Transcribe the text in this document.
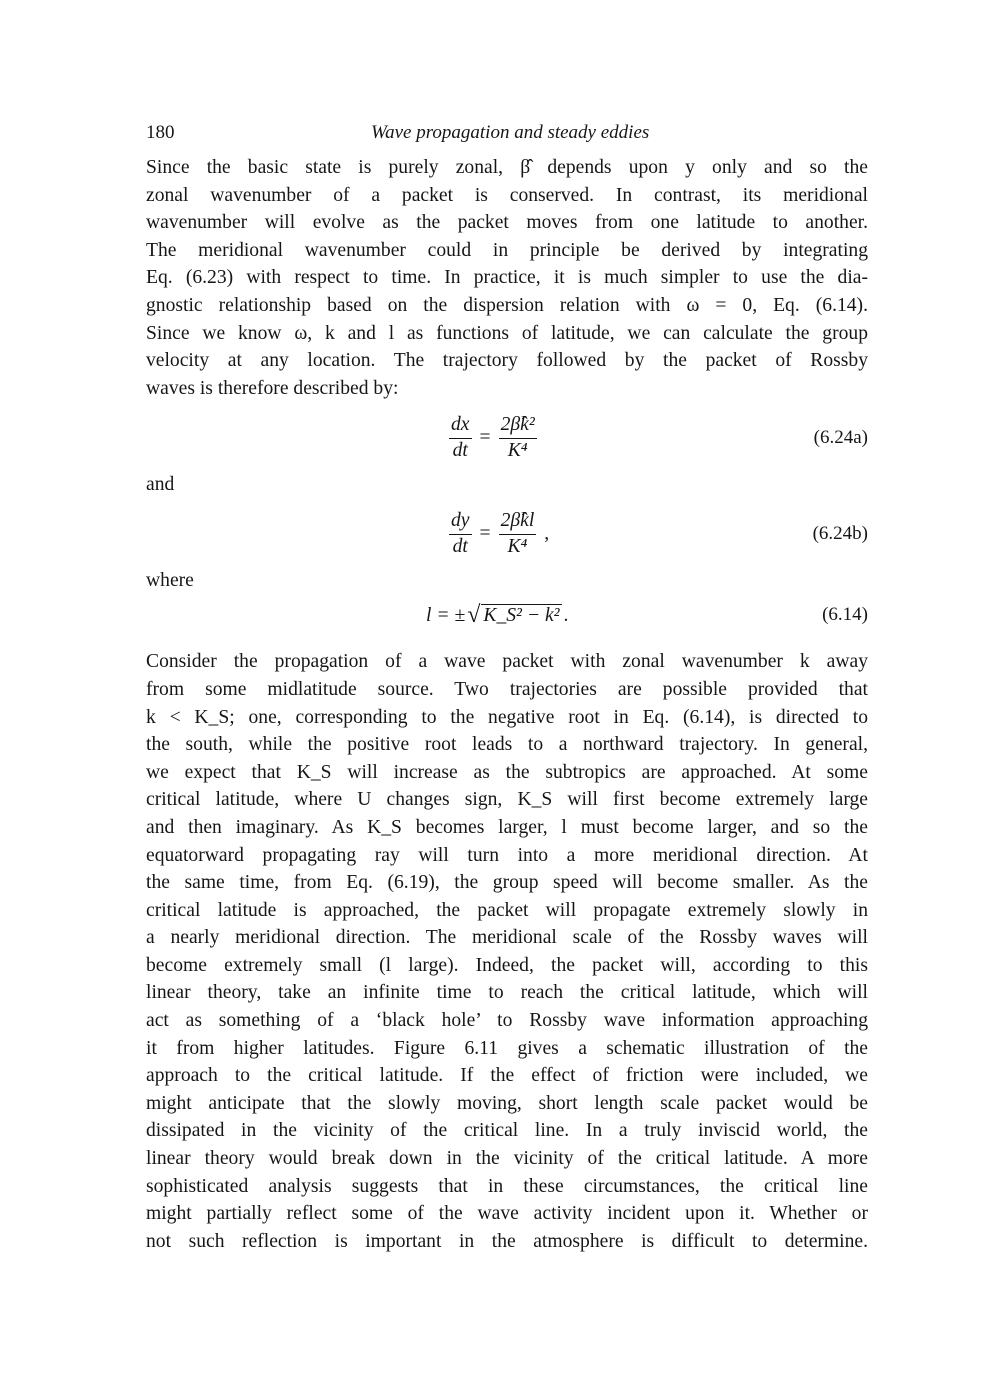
180	Wave propagation and steady eddies

Since the basic state is purely zonal, β̂ depends upon y only and so the
zonal wavenumber of a packet is conserved. In contrast, its meridional
wavenumber will evolve as the packet moves from one latitude to another.
The meridional wavenumber could in principle be derived by integrating
Eq. (6.23) with respect to time. In practice, it is much simpler to use the dia-
gnostic relationship based on the dispersion relation with ω = 0, Eq. (6.14).
Since we know ω, k and l as functions of latitude, we can calculate the group
velocity at any location. The trajectory followed by the packet of Rossby
waves is therefore described by:

$\frac{dx}{dt} = \frac{\text{2β̂k²}}{\text{K⁴}}$	(6.24a)
and
$\frac{dy}{dt} = \frac{2\betâkl}{\text{K⁴}}$ ,	(6.24b)
where
l = ± √ K_S² − k² .	(6.14)

Consider the propagation of a wave packet with zonal wavenumber k away
from some midlatitude source. Two trajectories are possible provided that
k < K_S; one, corresponding to the negative root in Eq. (6.14), is directed to
the south, while the positive root leads to a northward trajectory. In general,
we expect that K_S will increase as the subtropics are approached. At some
critical latitude, where U changes sign, K_S will first become extremely large
and then imaginary. As K_S becomes larger, l must become larger, and so the
equatorward propagating ray will turn into a more meridional direction. At
the same time, from Eq. (6.19), the group speed will become smaller. As the
critical latitude is approached, the packet will propagate extremely slowly in
a nearly meridional direction. The meridional scale of the Rossby waves will
become extremely small (l large). Indeed, the packet will, according to this
linear theory, take an infinite time to reach the critical latitude, which will
act as something of a ‘black hole’ to Rossby wave information approaching
it from higher latitudes. Figure 6.11 gives a schematic illustration of the
approach to the critical latitude. If the effect of friction were included, we
might anticipate that the slowly moving, short length scale packet would be
dissipated in the vicinity of the critical line. In a truly inviscid world, the
linear theory would break down in the vicinity of the critical latitude. A more
sophisticated analysis suggests that in these circumstances, the critical line
might partially reflect some of the wave activity incident upon it. Whether or
not such reflection is important in the atmosphere is difficult to determine.
